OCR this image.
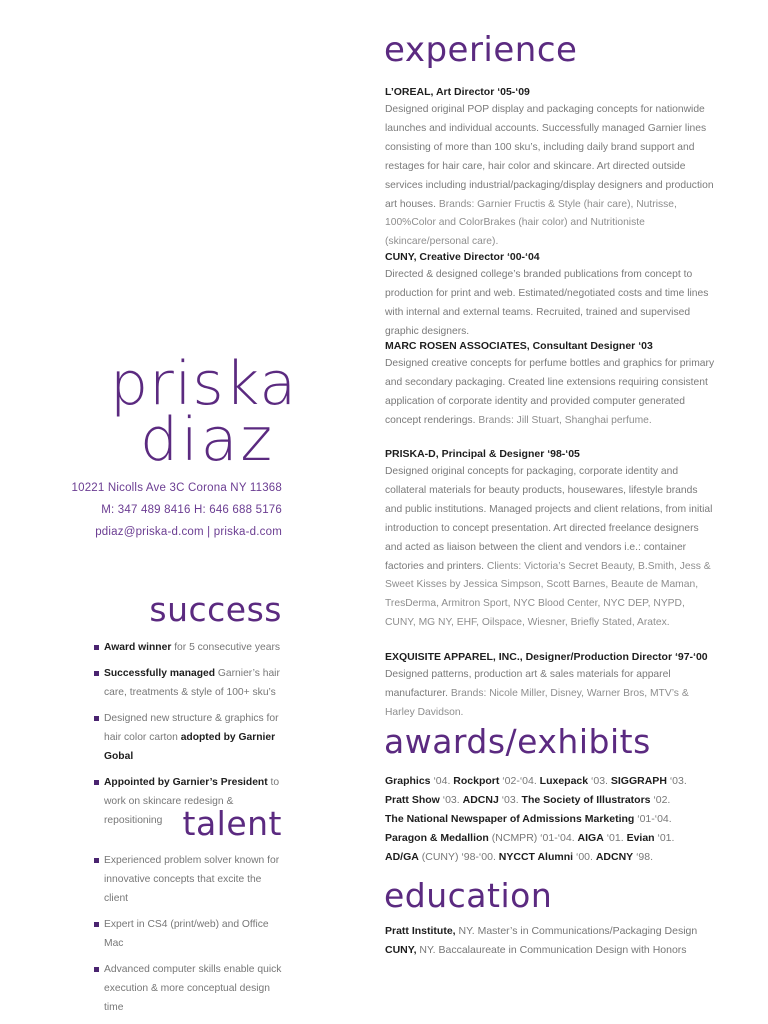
experience

L’OREAL, Art Director ‘05-‘09

Designed original POP display and packaging concepts for nationwide launches and individual accounts. Successfully managed Garnier lines consisting of more than 100 sku’s, including daily brand support and restages for hair care, hair color and skincare. Art directed outside services including industrial/packaging/display designers and production art houses. Brands: Garnier Fructis & Style (hair care), Nutrisse, 100%Color and ColorBrakes (hair color) and Nutritioniste (skincare/personal care).

CUNY, Creative Director ‘00-‘04

Directed & designed college’s branded publications from concept to production for print and web. Estimated/negotiated costs and time lines with internal and external teams. Recruited, trained and supervised graphic designers.

MARC ROSEN ASSOCIATES, Consultant Designer ‘03

Designed creative concepts for perfume bottles and graphics for primary and secondary packaging. Created line extensions requiring consistent application of corporate identity and provided computer generated concept renderings. Brands: Jill Stuart, Shanghai perfume.

PRISKA-D, Principal & Designer ‘98-‘05

Designed original concepts for packaging, corporate identity and collateral materials for beauty products, housewares, lifestyle brands and public institutions. Managed projects and client relations, from initial introduction to concept presentation. Art directed freelance designers and acted as liaison between the client and vendors i.e.: container factories and printers. Clients: Victoria’s Secret Beauty, B.Smith, Jess & Sweet Kisses by Jessica Simpson, Scott Barnes, Beaute de Maman, TresDerma, Armitron Sport, NYC Blood Center, NYC DEP, NYPD, CUNY, MG NY, EHF, Oilspace, Wiesner, Briefly Stated, Aratex.

EXQUISITE APPAREL, INC., Designer/Production Director ‘97-‘00

Designed patterns, production art & sales materials for apparel manufacturer. Brands: Nicole Miller, Disney, Warner Bros, MTV’s & Harley Davidson.

awards/exhibits
Graphics ‘04. Rockport ‘02-‘04. Luxepack ‘03. SIGGRAPH ‘03.
Pratt Show ‘03. ADCNJ ‘03. The Society of Illustrators ‘02.
The National Newspaper of Admissions Marketing ‘01-‘04.
Paragon & Medallion (NCMPR) ‘01-‘04. AIGA ‘01. Evian ‘01.
AD/GA (CUNY) ‘98-‘00. NYCCT Alumni ‘00. ADCNY ‘98.
education
Pratt Institute, NY. Master’s in Communications/Packaging Design
CUNY, NY. Baccalaureate in Communication Design with Honors
priska
diaz
10221 Nicolls Ave 3C Corona NY 11368
M: 347 489 8416 H: 646 688 5176
pdiaz@priska-d.com | priska-d.com
success
Award winner for 5 consecutive years
Successfully managed Garnier’s hair care, treatments & style of 100+ sku’s
Designed new structure & graphics for hair color carton adopted by Garnier Gobal
Appointed by Garnier’s President to work on skincare redesign & repositioning talent
Experienced problem solver known for innovative concepts that excite the client
Expert in CS4 (print/web) and Office Mac
Advanced computer skills enable quick execution & more conceptual design time
